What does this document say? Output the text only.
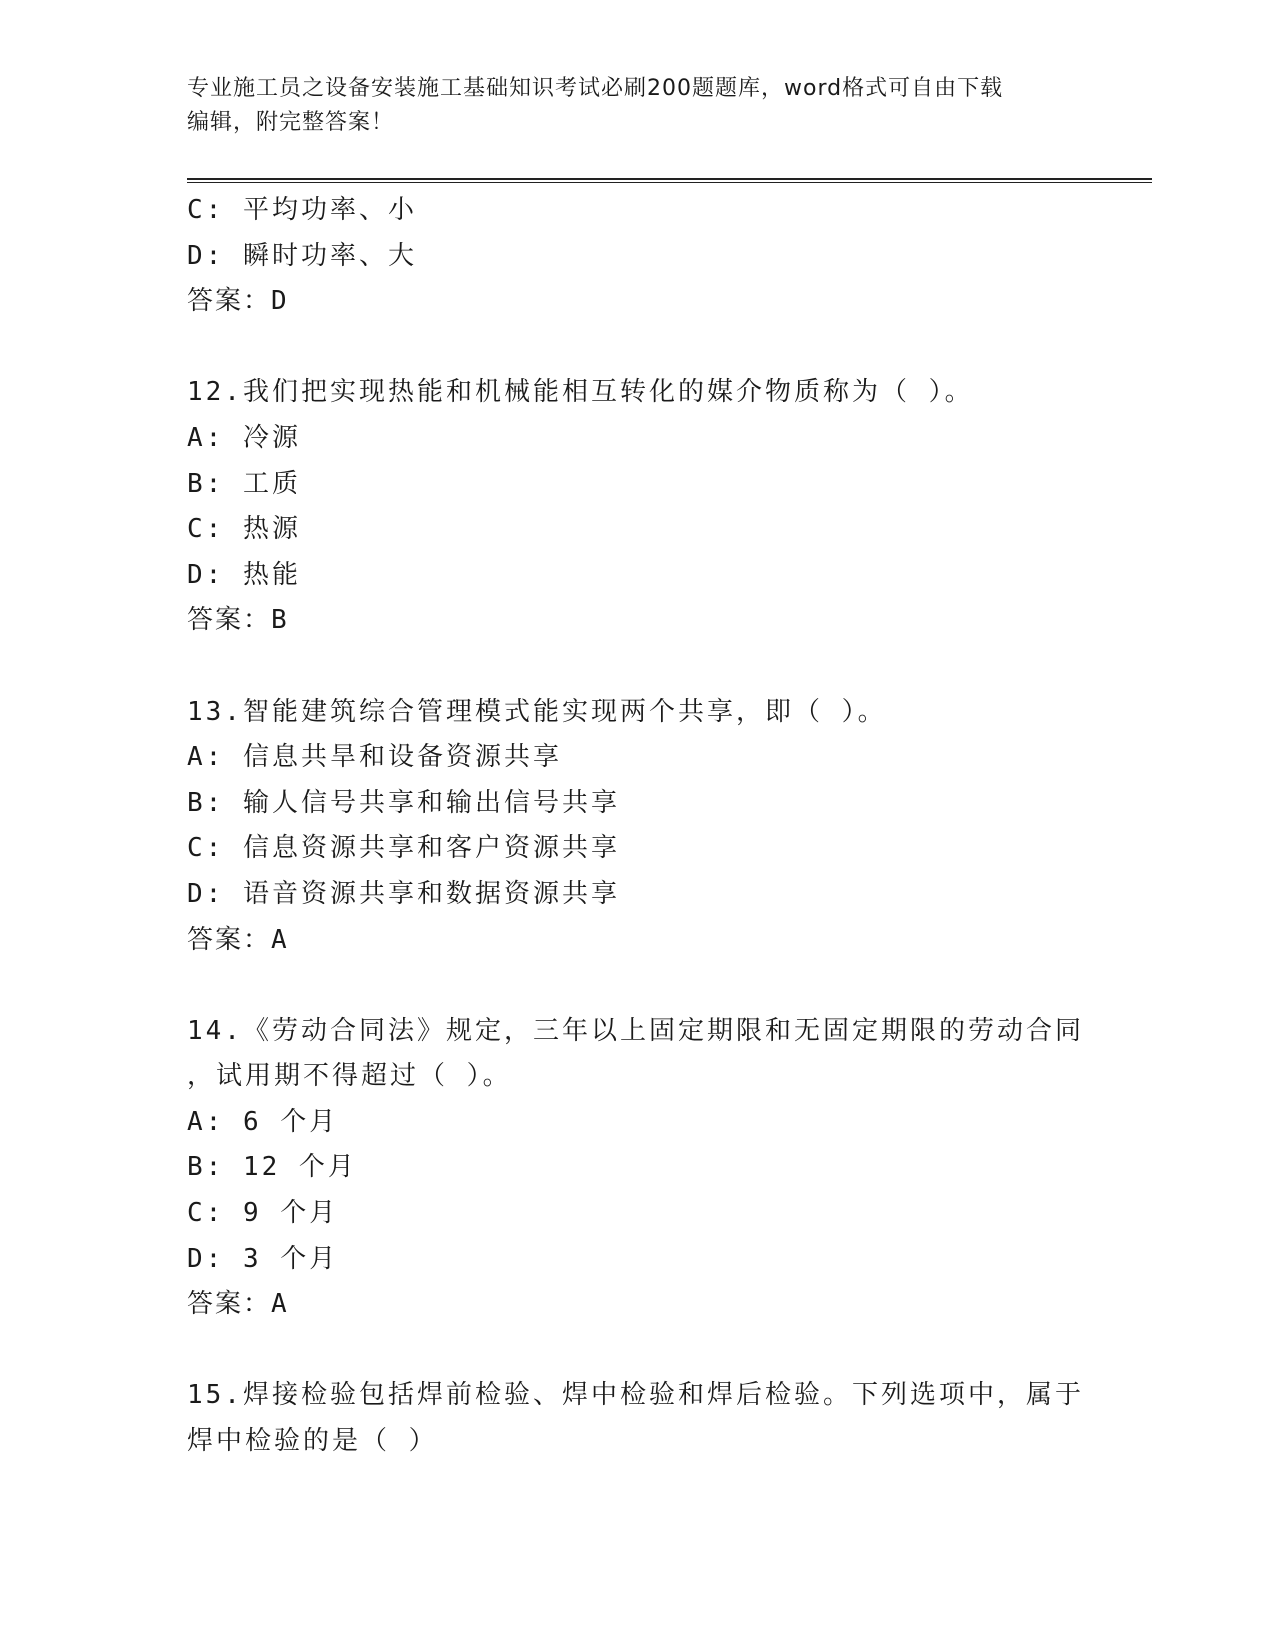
专业施工员之设备安装施工基础知识考试必刷200题题库，word格式可自由下载
编辑，附完整答案！
C: 平均功率、小
D: 瞬时功率、大
答案：D
12.我们把实现热能和机械能相互转化的媒介物质称为（ ）。
A: 冷源
B: 工质
C: 热源
D: 热能
答案：B
13.智能建筑综合管理模式能实现两个共享，即（ ）。
A: 信息共旱和设备资源共享
B: 输人信号共享和输出信号共享
C: 信息资源共享和客户资源共享
D: 语音资源共享和数据资源共享
答案：A
14.《劳动合同法》规定，三年以上固定期限和无固定期限的劳动合同
，试用期不得超过（ ）。
A: 6 个月
B: 12 个月
C: 9 个月
D: 3 个月
答案：A
15.焊接检验包括焊前检验、焊中检验和焊后检验。下列选项中，属于
焊中检验的是（ ）
